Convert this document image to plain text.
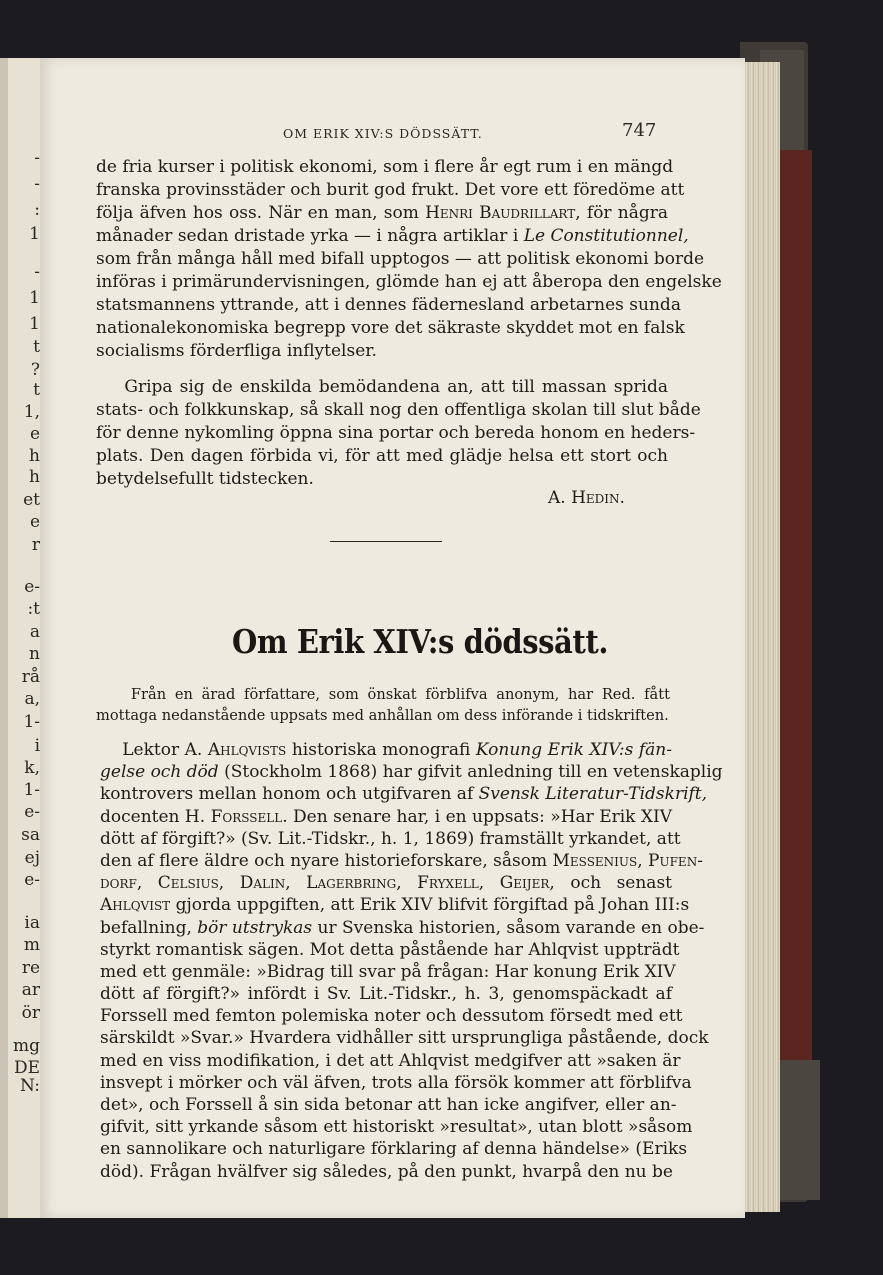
-
-
:
1
-
1
1
t
?
t
1,
e
h
h
et
e
r
e-
:t
a
n
rå
a,
1-
i
k,
1-
e-
sa
ej
e-
ia
m
re
ar
ör
mg
DE
N:
OM ERIK XIV:S DÖDSSÄTT.	747
de fria kurser i politisk ekonomi, som i flere år egt rum i en mängd
franska provinsstäder och burit god frukt. Det vore ett föredöme att
följa äfven hos oss. När en man, som Henri Baudrillart, för några
månader sedan dristade yrka — i några artiklar i Le Constitutionnel,
som från många håll med bifall upptogos — att politisk ekonomi borde
införas i primärundervisningen, glömde han ej att åberopa den engelske
statsmannens yttrande, att i dennes fädernesland arbetarnes sunda
nationalekonomiska begrepp vore det säkraste skyddet mot en falsk
socialisms förderfliga inflytelser.
Gripa sig de enskilda bemödandena an, att till massan sprida
stats- och folkkunskap, så skall nog den offentliga skolan till slut både
för denne nykomling öppna sina portar och bereda honom en heders-
plats. Den dagen förbida vi, för att med glädje helsa ett stort och
betydelsefullt tidstecken.
A. Hedin.
Om Erik XIV:s dödssätt.
Från en ärad författare, som önskat förblifva anonym, har Red. fått
mottaga nedanstående uppsats med anhållan om dess införande i tidskriften.
Lektor A. Ahlqvists historiska monografi Konung Erik XIV:s fän-
gelse och död (Stockholm 1868) har gifvit anledning till en vetenskaplig
kontrovers mellan honom och utgifvaren af Svensk Literatur-Tidskrift,
docenten H. Forssell. Den senare har, i en uppsats: »Har Erik XIV
dött af förgift?» (Sv. Lit.-Tidskr., h. 1, 1869) framställt yrkandet, att
den af flere äldre och nyare historieforskare, såsom Messenius, Pufen-
dorf, Celsius, Dalin, Lagerbring, Fryxell, Geijer, och senast
Ahlqvist gjorda uppgiften, att Erik XIV blifvit förgiftad på Johan III:s
befallning, bör utstrykas ur Svenska historien, såsom varande en obe-
styrkt romantisk sägen. Mot detta påstående har Ahlqvist uppträdt
med ett genmäle: »Bidrag till svar på frågan: Har konung Erik XIV
dött af förgift?» infördt i Sv. Lit.-Tidskr., h. 3, genomspäckadt af
Forssell med femton polemiska noter och dessutom försedt med ett
särskildt »Svar.» Hvardera vidhåller sitt ursprungliga påstående, dock
med en viss modifikation, i det att Ahlqvist medgifver att »saken är
insvept i mörker och väl äfven, trots alla försök kommer att förblifva
det», och Forssell å sin sida betonar att han icke angifver, eller an-
gifvit, sitt yrkande såsom ett historiskt »resultat», utan blott »såsom
en sannolikare och naturligare förklaring af denna händelse» (Eriks
död). Frågan hvälfver sig således, på den punkt, hvarpå den nu be
